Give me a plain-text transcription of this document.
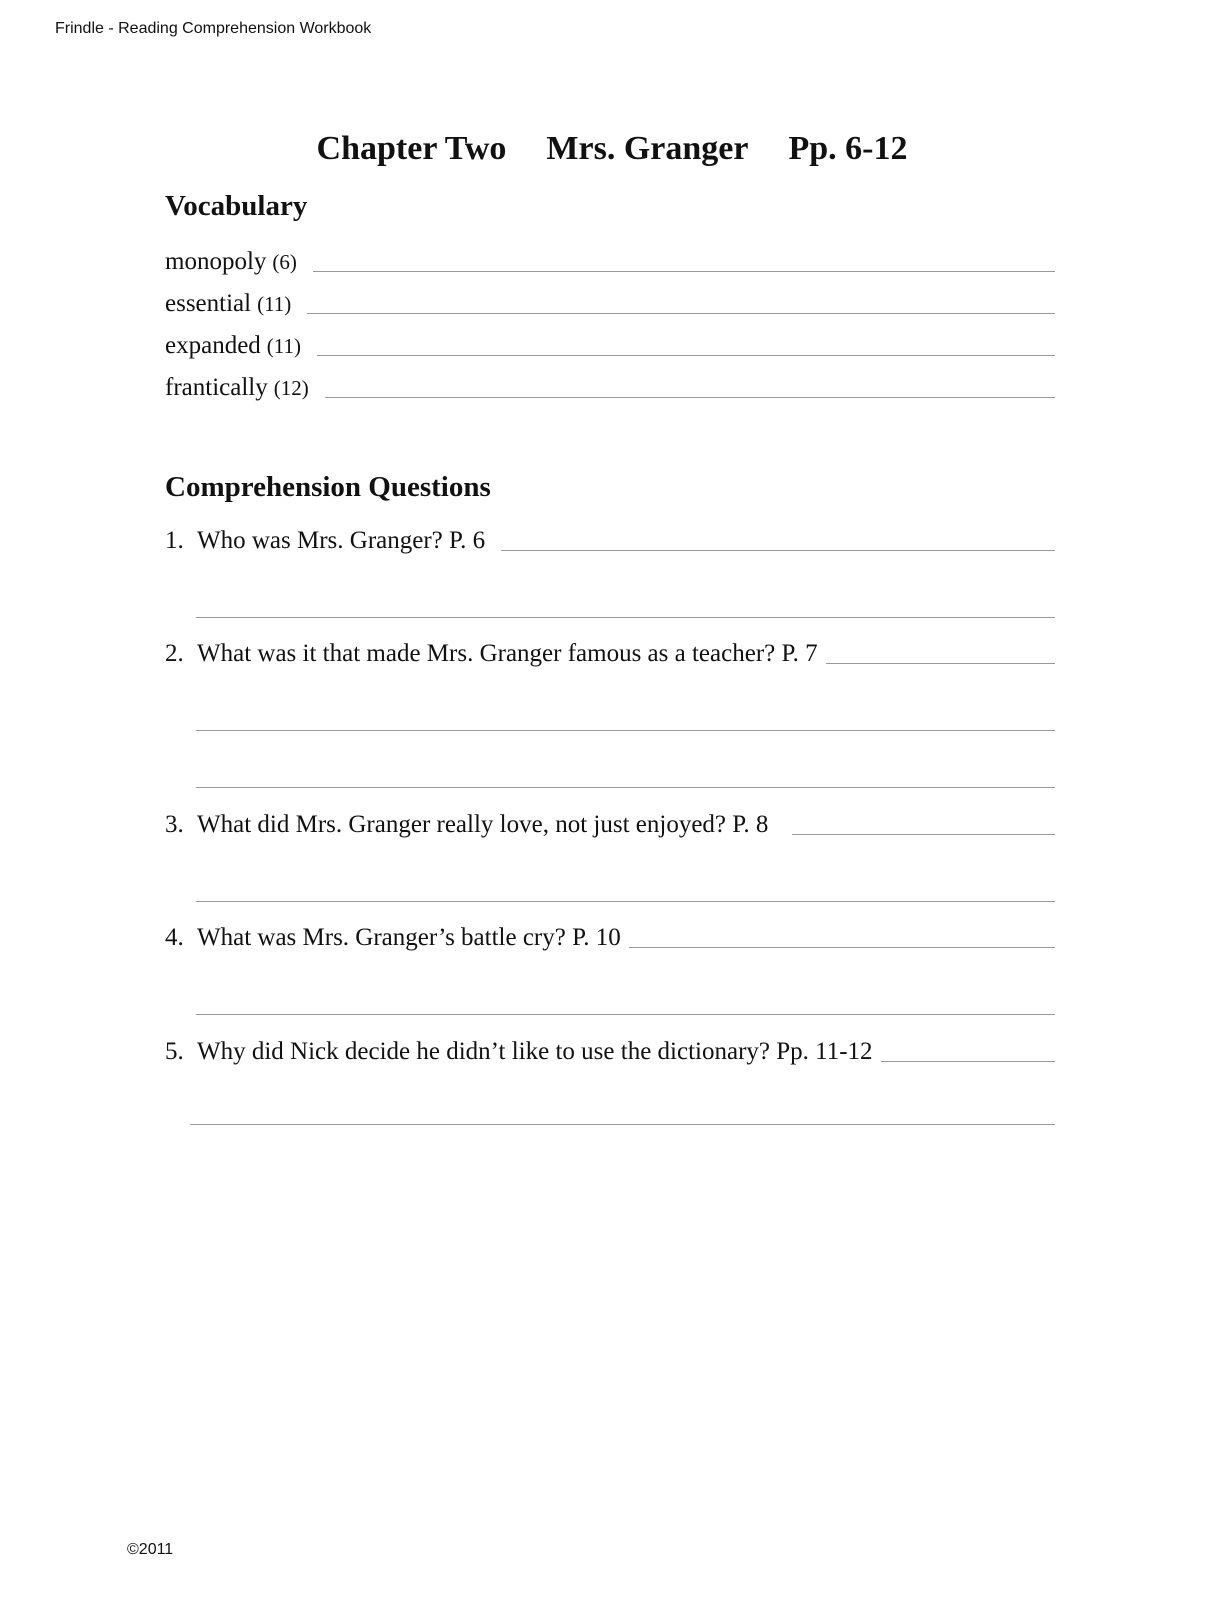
Frindle - Reading Comprehension Workbook
Chapter Two Mrs. Granger Pp. 6-12
Vocabulary
monopoly (6)
essential (11)
expanded (11)
frantically (12)
Comprehension Questions
1. Who was Mrs. Granger? P. 6
2. What was it that made Mrs. Granger famous as a teacher? P. 7
3. What did Mrs. Granger really love, not just enjoyed? P. 8
4. What was Mrs. Granger’s battle cry? P. 10
5. Why did Nick decide he didn’t like to use the dictionary? Pp. 11-12
©2011
